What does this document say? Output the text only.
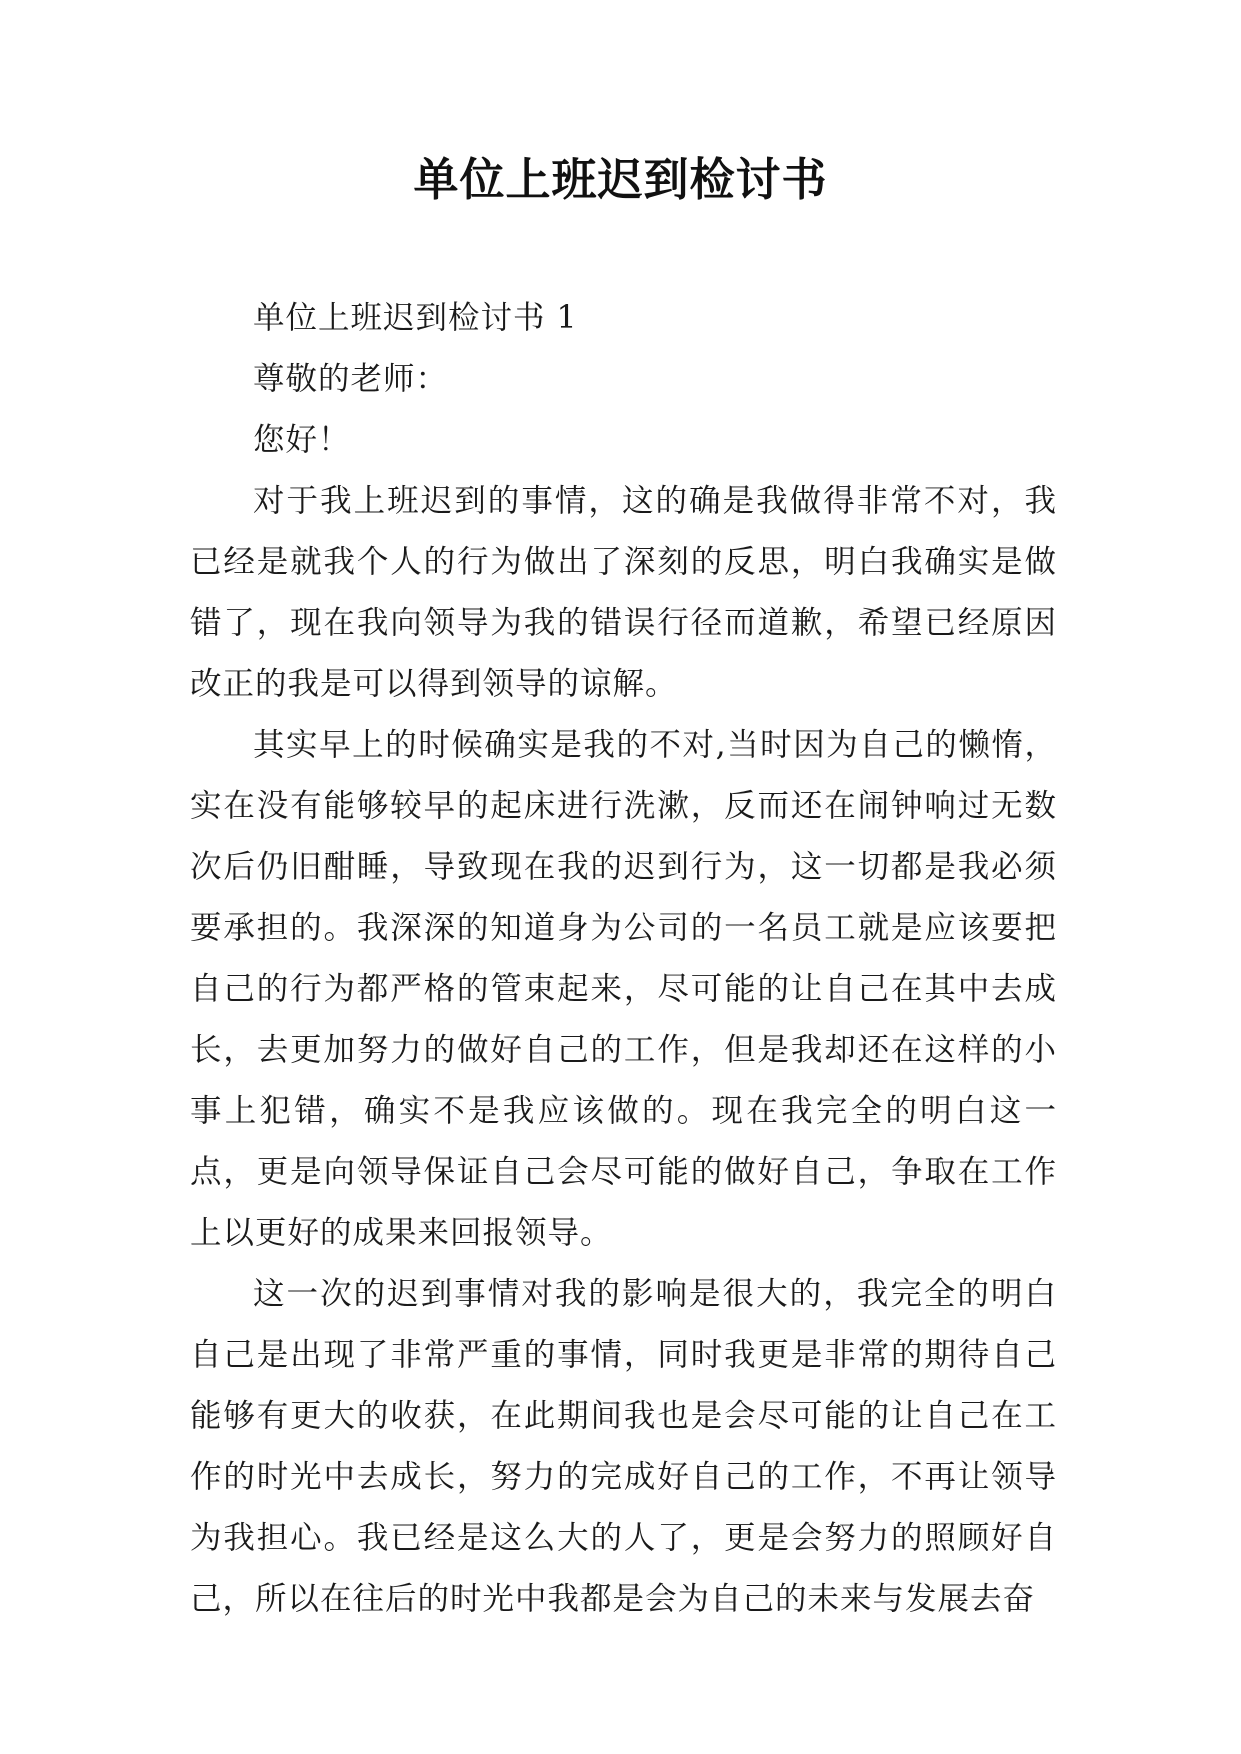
单位上班迟到检讨书

单位上班迟到检讨书 1

尊敬的老师：

您好！

对于我上班迟到的事情，这的确是我做得非常不对，我已经是就我个人的行为做出了深刻的反思，明白我确实是做错了，现在我向领导为我的错误行径而道歉，希望已经原因改正的我是可以得到领导的谅解。

其实早上的时候确实是我的不对,当时因为自己的懒惰，实在没有能够较早的起床进行洗漱，反而还在闹钟响过无数次后仍旧酣睡，导致现在我的迟到行为，这一切都是我必须要承担的。我深深的知道身为公司的一名员工就是应该要把自己的行为都严格的管束起来，尽可能的让自己在其中去成长，去更加努力的做好自己的工作，但是我却还在这样的小事上犯错，确实不是我应该做的。现在我完全的明白这一点，更是向领导保证自己会尽可能的做好自己，争取在工作上以更好的成果来回报领导。

这一次的迟到事情对我的影响是很大的，我完全的明白自己是出现了非常严重的事情，同时我更是非常的期待自己能够有更大的收获，在此期间我也是会尽可能的让自己在工作的时光中去成长，努力的完成好自己的工作，不再让领导为我担心。我已经是这么大的人了，更是会努力的照顾好自己，所以在往后的时光中我都是会为自己的未来与发展去奋
